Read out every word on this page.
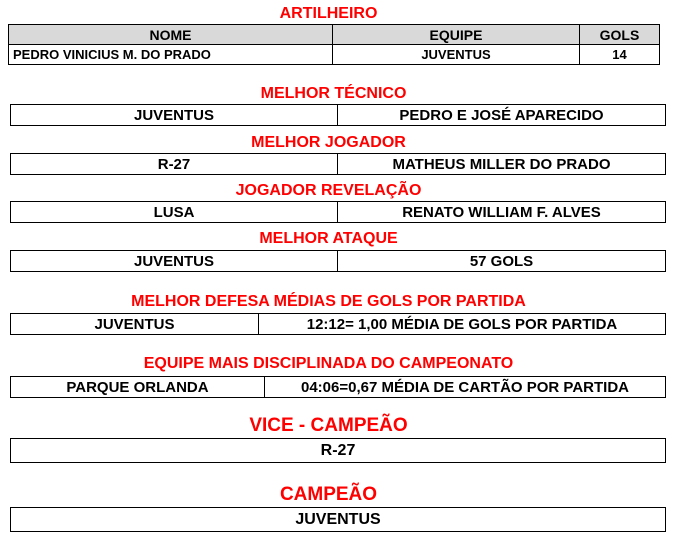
ARTILHEIRO
NOME	EQUIPE	GOLS
PEDRO VINICIUS M. DO PRADO	JUVENTUS	14
MELHOR TÉCNICO
JUVENTUS	PEDRO E JOSÉ APARECIDO
MELHOR JOGADOR
R-27	MATHEUS MILLER DO PRADO
JOGADOR REVELAÇÃO
LUSA	RENATO WILLIAM F. ALVES
MELHOR ATAQUE
JUVENTUS	57 GOLS
MELHOR DEFESA MÉDIAS DE GOLS POR PARTIDA
JUVENTUS	12:12= 1,00 MÉDIA DE GOLS POR PARTIDA
EQUIPE MAIS DISCIPLINADA DO CAMPEONATO
PARQUE ORLANDA	04:06=0,67 MÉDIA DE CARTÃO POR PARTIDA
VICE - CAMPEÃO
R-27
CAMPEÃO
JUVENTUS
